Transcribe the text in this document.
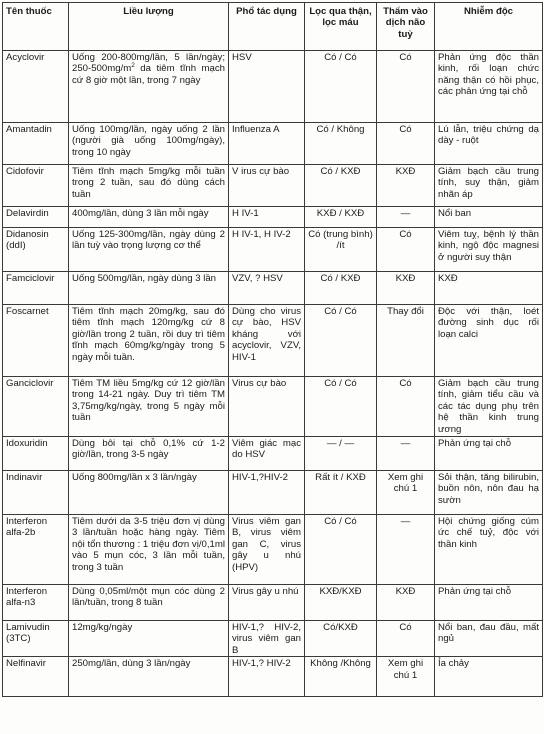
Tên thuốc	Liều lượng	Phổ tác dụng	Lọc qua thận, lọc máu	Thấm vào dịch não tuỷ	Nhiễm độc
Acyclovir	Uống 200-800mg/lần, 5 lần/ngày; $250-500mg/m^2$ da tiêm tĩnh mạch cứ 8 giờ một lần, trong 7 ngày	HSV	Có / Có	Có	Phản ứng độc thần kinh, rối loạn chức năng thận có hồi phục, các phản ứng tại chỗ
Amantadin	Uống 100mg/lần, ngày uống 2 lần (người già uống 100mg/ngày), trong 10 ngày	Influenza A	Có / Không	Có	Lú lẫn, triệu chứng dạ dày - ruột
Cidofovir	Tiêm tĩnh mạch 5mg/kg mỗi tuần trong 2 tuần, sau đó dùng cách tuần	V irus cự bào	Có / KXĐ	KXĐ	Giảm bạch cầu trung tính, suy thận, giảm nhãn áp
Delavirdin	400mg/lần, dùng 3 lần mỗi ngày	H IV-1	KXĐ / KXĐ	—	Nổi ban
Didanosin (ddI)	Uống 125-300mg/lần, ngày dùng 2 lần tuỳ vào trọng lượng cơ thể	H IV-1, H IV-2	Có (trung bình) /ít	Có	Viêm tuỵ, bệnh lý thần kinh, ngộ độc magnesi ở người suy thận
Famciclovir	Uống 500mg/lần, ngày dùng 3 lần	VZV, ? HSV	Có / KXĐ	KXĐ	KXĐ
Foscarnet	Tiêm tĩnh mạch 20mg/kg, sau đó tiêm tĩnh mạch 120mg/kg cứ 8 giờ/lần trong 2 tuần, rồi duy trì tiêm tĩnh mạch 60mg/kg/ngày trong 5 ngày mỗi tuần.	Dùng cho virus cự bào, HSV kháng với acyclovir, VZV, HIV-1	Có / Có	Thay đổi	Độc với thận, loét đường sinh dục rối loạn calci
Ganciclovir	Tiêm TM liều 5mg/kg cứ 12 giờ/lần trong 14-21 ngày. Duy trì tiêm TM 3,75mg/kg/ngày, trong 5 ngày mỗi tuần	Virus cự bào	Có / Có	Có	Giảm bạch cầu trung tính, giảm tiểu cầu và các tác dụng phụ trên hệ thần kinh trung ương
Idoxuridin	Dùng bôi tại chỗ 0,1% cứ 1-2 giờ/lần, trong 3-5 ngày	Viêm giác mạc do HSV	— / —	—	Phản ứng tại chỗ
Indinavir	Uống 800mg/lần x 3 lần/ngày	HIV-1,?HIV-2	Rất ít / KXĐ	Xem ghi chú 1	Sỏi thận, tăng bilirubin, buồn nôn, nôn đau hạ sườn
Interferon alfa-2b	Tiêm dưới da 3-5 triệu đơn vị dùng 3 lần/tuần hoặc hàng ngày. Tiêm nội tổn thương : 1 triệu đơn vị/0,1ml vào 5 mụn cóc, 3 lần mỗi tuần, trong 3 tuần	Virus viêm gan B, virus viêm gan C, virus gây u nhú (HPV)	Có / Có	—	Hội chứng giống cúm ức chế tuỷ, độc với thần kinh
Interferon alfa-n3	Dùng 0,05ml/một mụn cóc dùng 2 lần/tuần, trong 8 tuần	Virus gây u nhú	KXĐ/KXĐ	KXĐ	Phản ứng tại chỗ
Lamivudin (3TC)	12mg/kg/ngày	HIV-1,? HIV-2, virus viêm gan B	Có/KXĐ	Có	Nổi ban, đau đầu, mất ngủ
Nelfinavir	250mg/lần, dùng 3 lần/ngày	HIV-1,? HIV-2	Không /Không	Xem ghi chú 1	Ỉa chảy
